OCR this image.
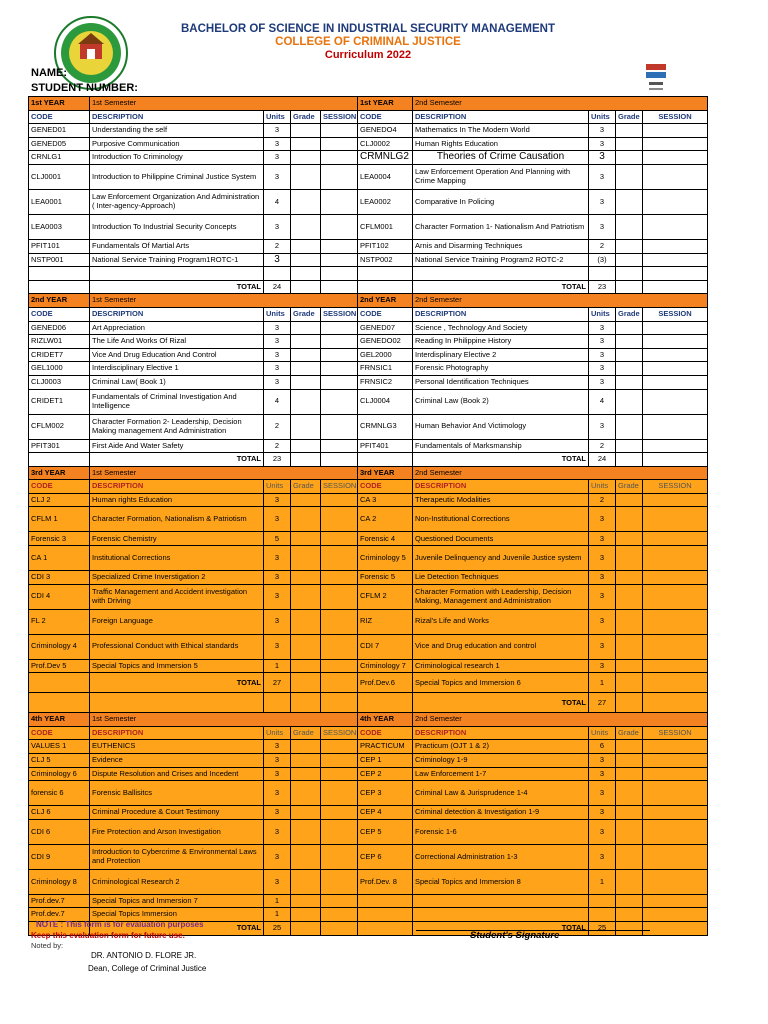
BACHELOR OF SCIENCE IN INDUSTRIAL SECURITY MANAGEMENT
COLLEGE OF CRIMINAL JUSTICE
Curriculum 2022
NAME:
STUDENT NUMBER:
1st YEAR	1st Semester				1st YEAR	2nd Semester			
CODE	DESCRIPTION	Units	Grade	SESSION	CODE	DESCRIPTION	Units	Grade	SESSION
GENED01	Understanding the self	3			GENEDO4	Mathematics In The Modern World	3		
GENED05	Purposive Communication	3			CLJ0002	Human Rights Education	3		
CRNLG1	Introduction To Criminology	3			CRMNLG2	Theories of Crime Causation	3		
CLJ0001	Introduction to Philippine Criminal Justice System	3			LEA0004	Law Enforcement Operation And Planning with Crime Mapping	3		
LEA0001	Law Enforcement Organization And Administration ( Inter-agency-Approach)	4			LEA0002	Comparative In Policing	3		
LEA0003	Introduction To Industrial Security Concepts	3			CFLM001	Character Formation 1- Nationalism And Patriotism	3		
PFIT101	Fundamentals Of Martial Arts	2			PFIT102	Arnis and Disarming Techniques	2		
NSTP001	National Service Training Program1ROTC-1	3			NSTP002	National Service Training Program2 ROTC-2	(3)		

	TOTAL	24				TOTAL	23		
2nd YEAR	1st Semester				2nd YEAR	2nd Semester			
CODE	DESCRIPTION	Units	Grade	SESSION	CODE	DESCRIPTION	Units	Grade	SESSION
GENED06	Art Appreciation	3			GENED07	Science , Technology And Society	3		
RIZLW01	The Life And Works Of Rizal	3			GENEDO02	Reading In Philippine History	3		
CRIDET7	Vice And Drug Education And Control	3			GEL2000	Interdisplinary Elective 2	3		
GEL1000	Interdisciplinary Elective 1	3			FRNSIC1	Forensic Photography	3		
CLJ0003	Criminal Law( Book 1)	3			FRNSIC2	Personal Identification Techniques	3		
CRIDET1	Fundamentals of Criminal Investigation And Intelligence	4			CLJ0004	Criminal Law (Book 2)	4		
CFLM002	Character Formation 2- Leadership, Decision Making management And Administration	2			CRMNLG3	Human Behavior And Victimology	3		
PFIT301	First Aide And Water Safety	2			PFIT401	Fundamentals of Marksmanship	2		
	TOTAL	23				TOTAL	24		
3rd YEAR	1st Semester				3rd YEAR	2nd Semester			
CODE	DESCRIPTION	Units	Grade	SESSION	CODE	DESCRIPTION	Units	Grade	SESSION
CLJ 2	Human rights Education	3			CA 3	Therapeutic Modalities	2		
CFLM 1	Character Formation, Nationalism & Patriotism	3			CA 2	Non-Institutional Corrections	3		
Forensic 3	Forensic Chemistry	5			Forensic 4	Questioned Documents	3		
CA 1	Institutional Corrections	3			Criminology 5	Juvenile Delinquency and Juvenile Justice system	3		
CDI 3	Specialized Crime Inverstigation 2	3			Forensic 5	Lie Detection Techniques	3		
CDI 4	Traffic Management and Accident investigation with Driving	3			CFLM 2	Character Formation with Leadership, Decision Making, Management and Administration	3		
FL 2	Foreign Language	3			RIZ	Rizal's Life and Works	3		
Criminology 4	Professional Conduct with Ethical standards	3			CDI 7	Vice and Drug education and control	3		
Prof.Dev 5	Special Topics and Immersion 5	1			Criminology 7	Criminological research 1	3		
	TOTAL	27			Prof.Dev.6	Special Topics and Immersion 6	1		
						TOTAL	27		
4th YEAR	1st Semester				4th YEAR	2nd Semester			
CODE	DESCRIPTION	Units	Grade	SESSION	CODE	DESCRIPTION	Units	Grade	SESSION
VALUES 1	EUTHENICS	3			PRACTICUM	Practicum (OJT 1 & 2)	6		
CLJ 5	Evidence	3			CEP 1	Criminology 1-9	3		
Criminology 6	Dispute Resolution and Crises and Incedent	3			CEP 2	Law Enforcement 1-7	3		
forensic 6	Forensic Ballisitcs	3			CEP 3	Criminal Law & Jurisprudence 1-4	3		
CLJ 6	Criminal Procedure & Court Testimony	3			CEP 4	Criminal detection & Investigation 1-9	3		
CDI 6	Fire Protection and Arson Investigation	3			CEP 5	Forensic 1-6	3		
CDI 9	Introduction to Cybercrime & Environmental Laws and Protection	3			CEP 6	Correctional Administration 1-3	3		
Criminology 8	Criminological Research 2	3			Prof.Dev. 8	Special Topics and Immersion 8	1		
Prof.dev.7	Special Topics and Immersion 7	1							
Prof.dev.7	Special Topics Immersion	1							
	TOTAL	25				TOTAL	25		
NOTE : This form is for evaluation purposes
Keep this evaluation form for future use.
Noted by:
DR. ANTONIO D. FLORE JR.
Dean, College of Criminal Justice
Student's Signature
